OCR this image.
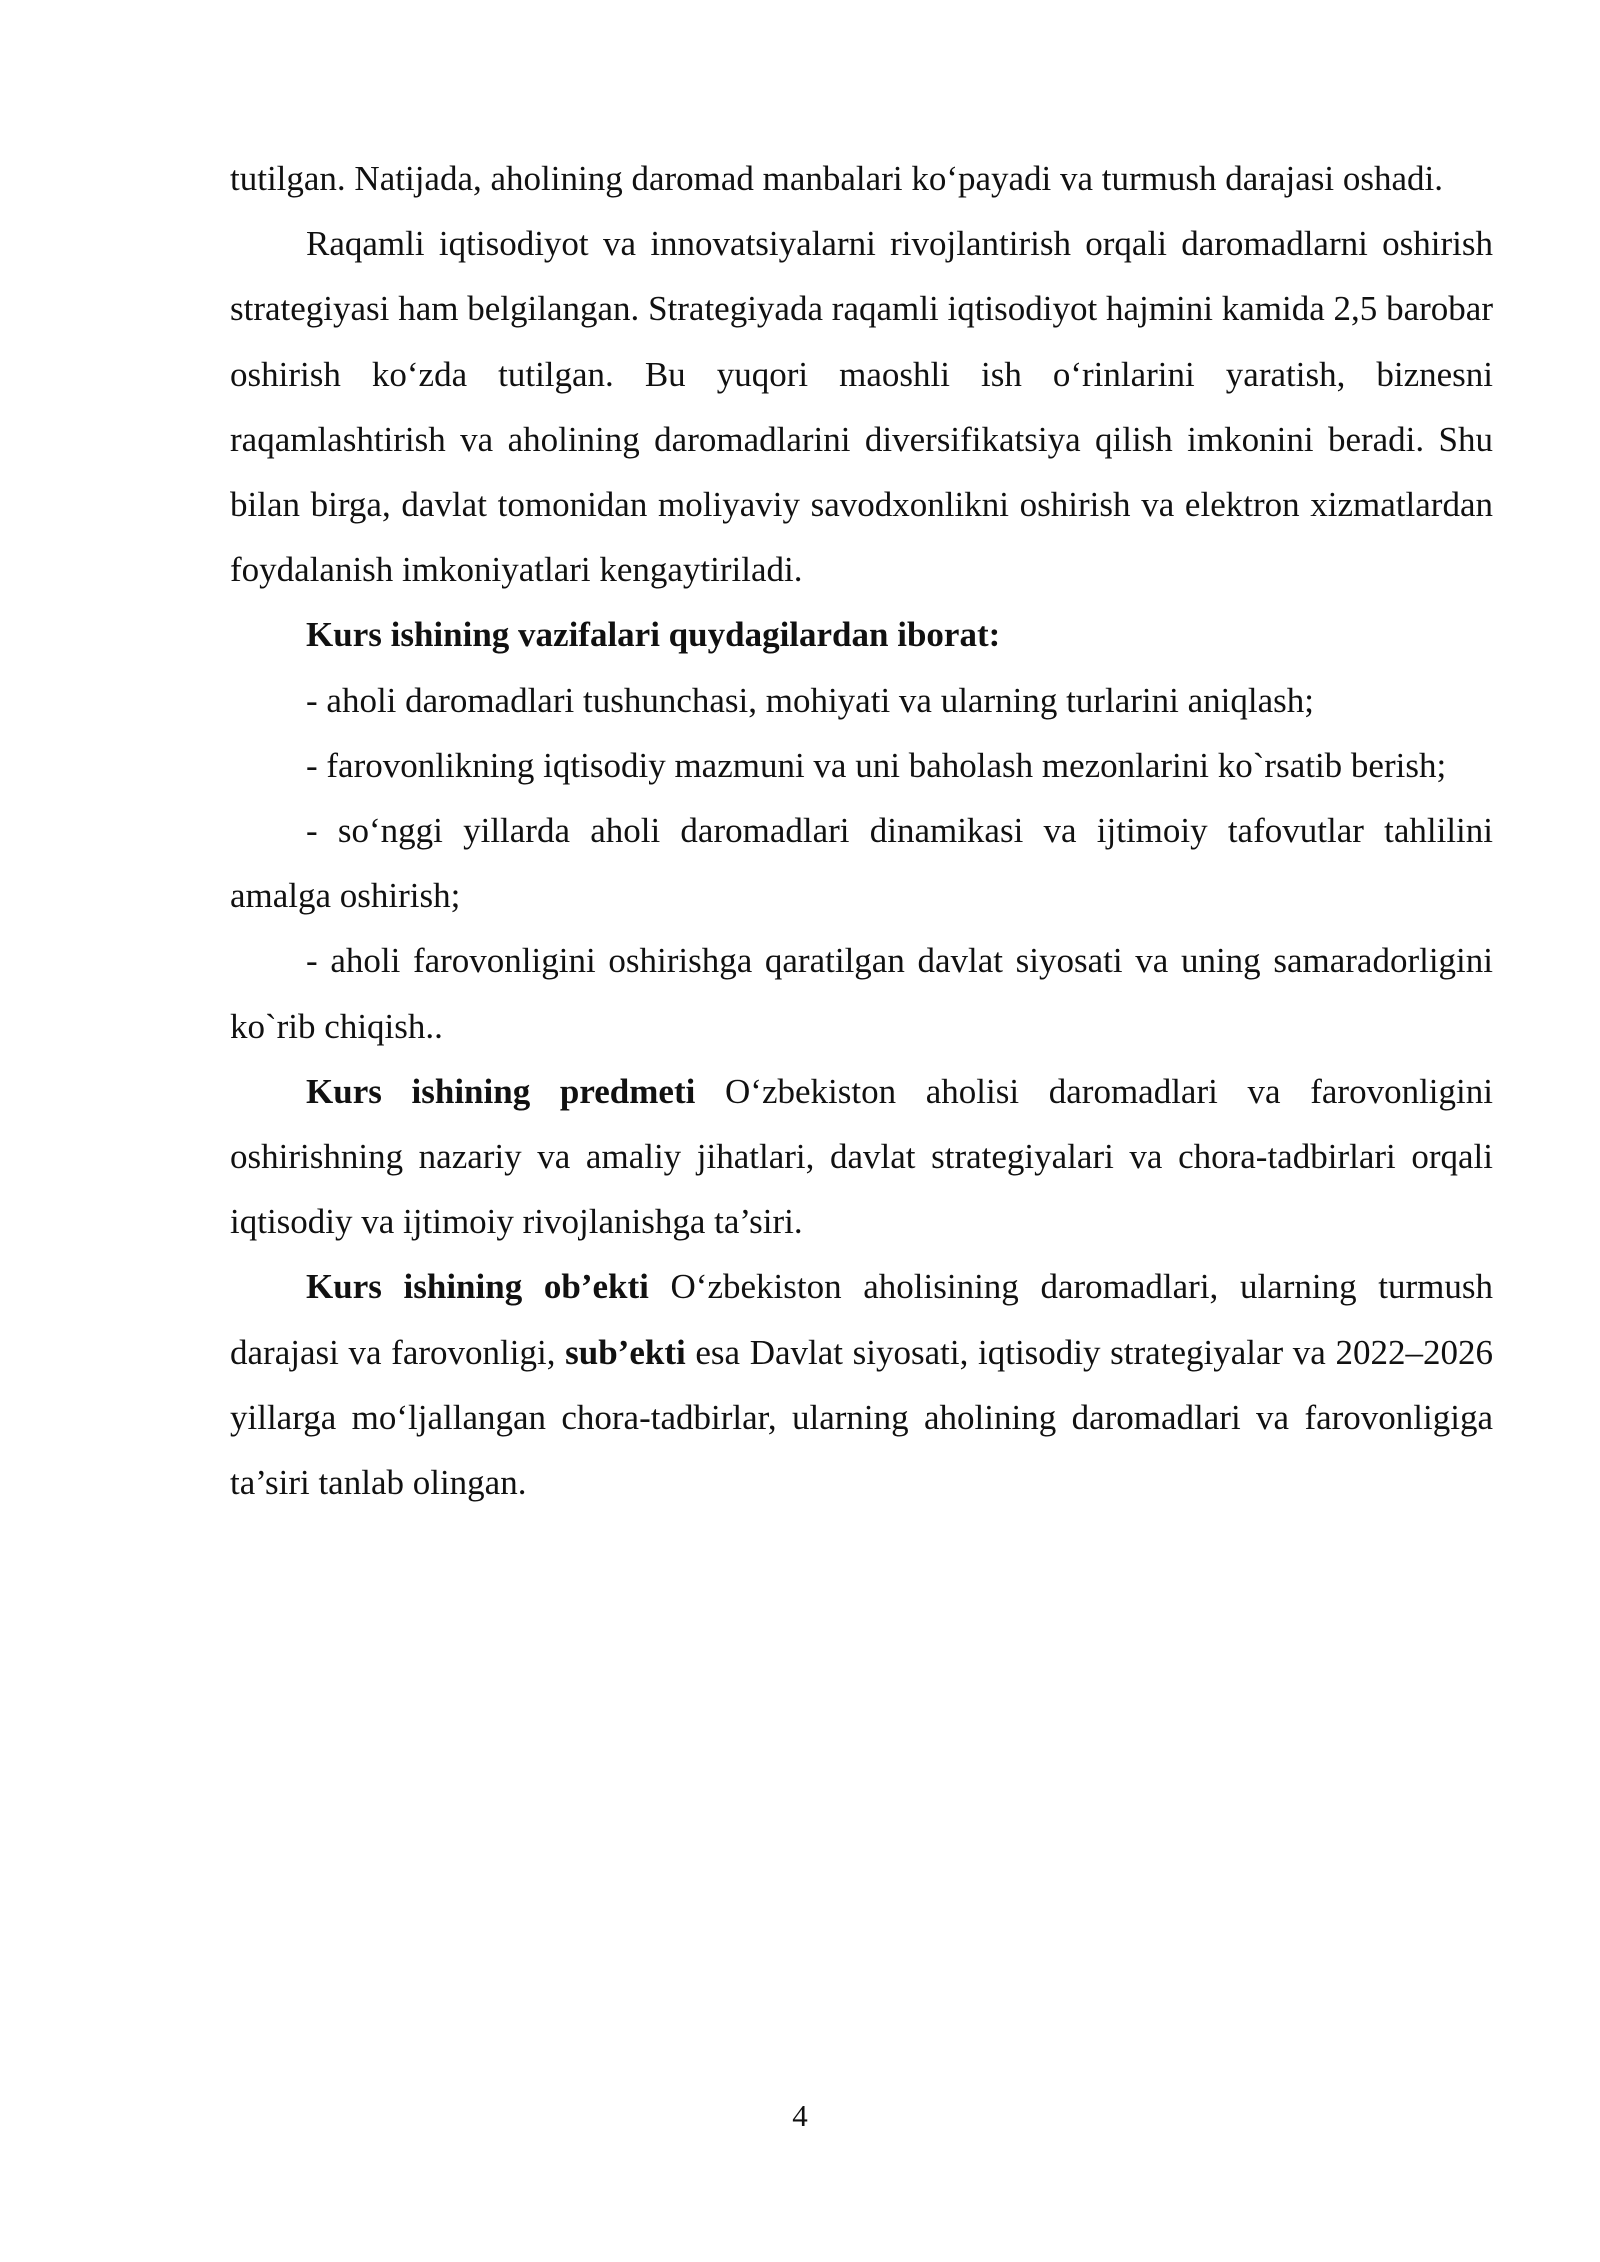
tutilgan. Natijada, aholining daromad manbalari ko‘payadi va turmush darajasi oshadi.

Raqamli iqtisodiyot va innovatsiyalarni rivojlantirish orqali daromadlarni oshirish strategiyasi ham belgilangan. Strategiyada raqamli iqtisodiyot hajmini kamida 2,5 barobar oshirish ko‘zda tutilgan. Bu yuqori maoshli ish o‘rinlarini yaratish, biznesni raqamlashtirish va aholining daromadlarini diversifikatsiya qilish imkonini beradi. Shu bilan birga, davlat tomonidan moliyaviy savodxonlikni oshirish va elektron xizmatlardan foydalanish imkoniyatlari kengaytiriladi.

Kurs ishining vazifalari quydagilardan iborat:

- aholi daromadlari tushunchasi, mohiyati va ularning turlarini aniqlash;

- farovonlikning iqtisodiy mazmuni va uni baholash mezonlarini ko`rsatib berish;

- so‘nggi yillarda aholi daromadlari dinamikasi va ijtimoiy tafovutlar tahlilini amalga oshirish;

- aholi farovonligini oshirishga qaratilgan davlat siyosati va uning samaradorligini ko`rib chiqish..

Kurs ishining predmeti O‘zbekiston aholisi daromadlari va farovonligini oshirishning nazariy va amaliy jihatlari, davlat strategiyalari va chora-tadbirlari orqali iqtisodiy va ijtimoiy rivojlanishga ta’siri.

Kurs ishining ob’ekti O‘zbekiston aholisining daromadlari, ularning turmush darajasi va farovonligi, sub’ekti esa Davlat siyosati, iqtisodiy strategiyalar va 2022–2026 yillarga mo‘ljallangan chora-tadbirlar, ularning aholining daromadlari va farovonligiga ta’siri tanlab olingan.

4
